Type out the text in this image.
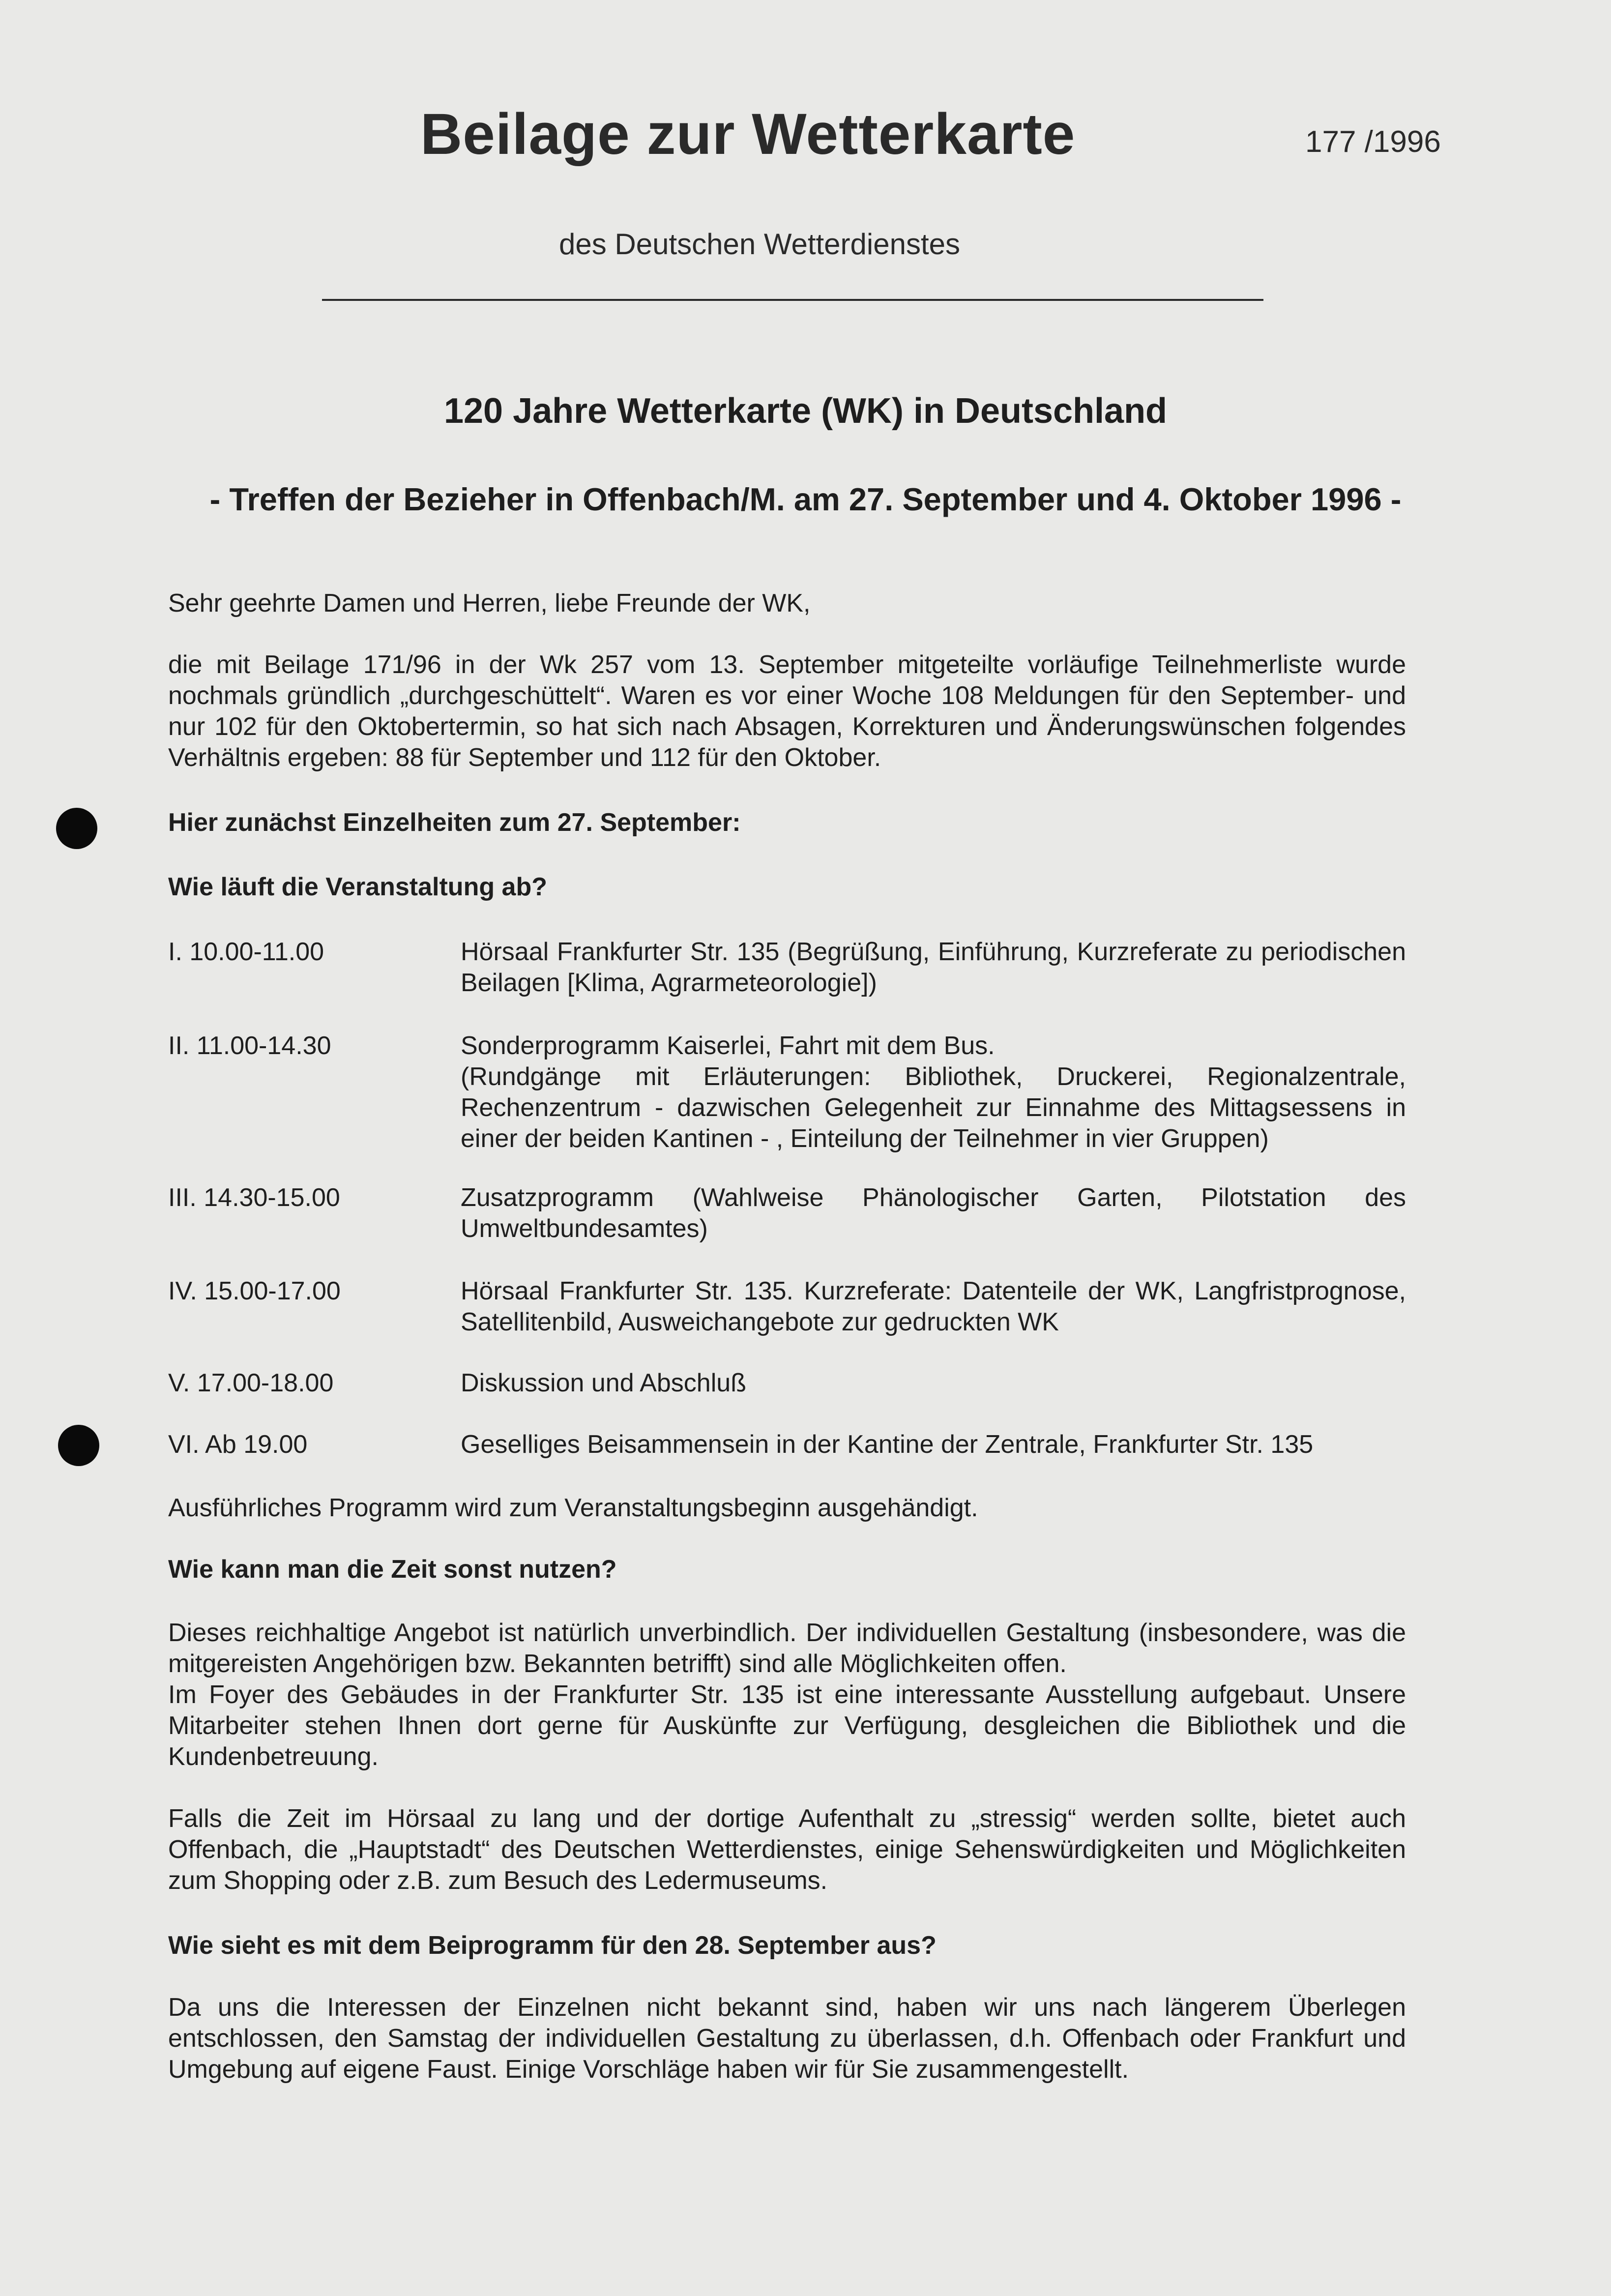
Beilage zur Wetterkarte	177 /1996
des Deutschen Wetterdienstes
120 Jahre Wetterkarte (WK) in Deutschland
- Treffen der Bezieher in Offenbach/M. am 27. September und 4. Oktober 1996 -
Sehr geehrte Damen und Herren, liebe Freunde der WK,
die mit Beilage 171/96 in der Wk 257 vom 13. September mitgeteilte vorläufige Teilnehmerliste wurde nochmals gründlich „durchgeschüttelt“. Waren es vor einer Woche 108 Meldungen für den September- und nur 102 für den Oktobertermin, so hat sich nach Absagen, Korrekturen und Änderungswünschen folgendes Verhältnis ergeben: 88 für September und 112 für den Oktober.
Hier zunächst Einzelheiten zum 27. September:
Wie läuft die Veranstaltung ab?
I. 10.00-11.00	Hörsaal Frankfurter Str. 135 (Begrüßung, Einführung, Kurzreferate zu periodischen Beilagen [Klima, Agrarmeteorologie])
II. 11.00-14.30	Sonderprogramm Kaiserlei, Fahrt mit dem Bus.
(Rundgänge mit Erläuterungen: Bibliothek, Druckerei, Regionalzentrale, Rechenzentrum - dazwischen Gelegenheit zur Einnahme des Mittagsessens in einer der beiden Kantinen - , Einteilung der Teilnehmer in vier Gruppen)
III. 14.30-15.00	Zusatzprogramm (Wahlweise Phänologischer Garten, Pilotstation des Umweltbundesamtes)
IV. 15.00-17.00	Hörsaal Frankfurter Str. 135. Kurzreferate: Datenteile der WK, Langfristprognose, Satellitenbild, Ausweichangebote zur gedruckten WK
V. 17.00-18.00	Diskussion und Abschluß
VI. Ab 19.00	Geselliges Beisammensein in der Kantine der Zentrale, Frankfurter Str. 135
Ausführliches Programm wird zum Veranstaltungsbeginn ausgehändigt.
Wie kann man die Zeit sonst nutzen?
Dieses reichhaltige Angebot ist natürlich unverbindlich. Der individuellen Gestaltung (insbesondere, was die mitgereisten Angehörigen bzw. Bekannten betrifft) sind alle Möglichkeiten offen.
Im Foyer des Gebäudes in der Frankfurter Str. 135 ist eine interessante Ausstellung aufgebaut. Unsere Mitarbeiter stehen Ihnen dort gerne für Auskünfte zur Verfügung, desgleichen die Bibliothek und die Kundenbetreuung.
Falls die Zeit im Hörsaal zu lang und der dortige Aufenthalt zu „stressig“ werden sollte, bietet auch Offenbach, die „Hauptstadt“ des Deutschen Wetterdienstes, einige Sehenswürdigkeiten und Möglichkeiten zum Shopping oder z.B. zum Besuch des Ledermuseums.
Wie sieht es mit dem Beiprogramm für den 28. September aus?
Da uns die Interessen der Einzelnen nicht bekannt sind, haben wir uns nach längerem Überlegen entschlossen, den Samstag der individuellen Gestaltung zu überlassen, d.h. Offenbach oder Frankfurt und Umgebung auf eigene Faust. Einige Vorschläge haben wir für Sie zusammengestellt.
